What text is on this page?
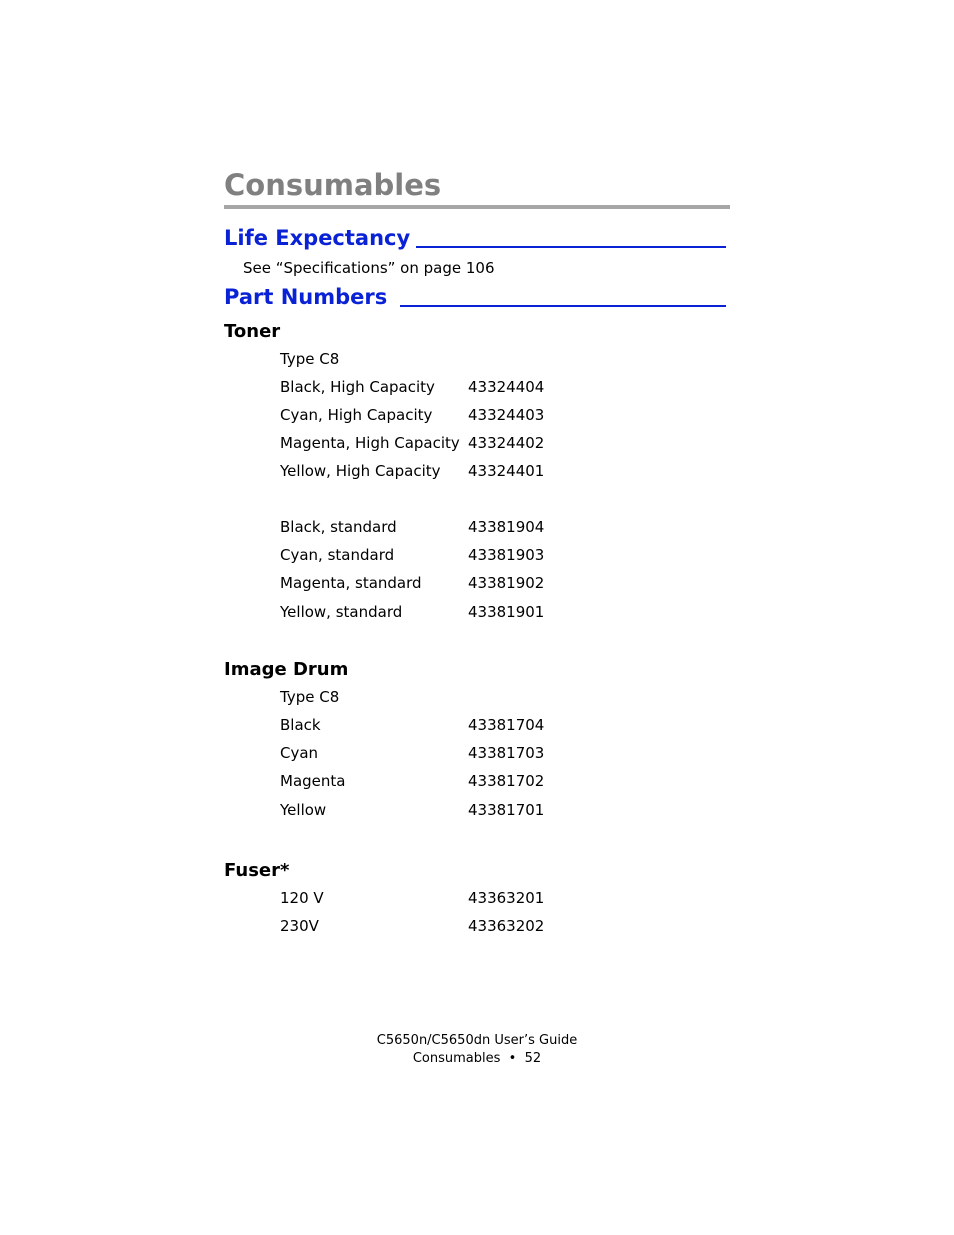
Consumables
Life Expectancy
See “Specifications” on page 106
Part Numbers
Toner
Type C8
Black, High Capacity 43324404
Cyan, High Capacity 43324403
Magenta, High Capacity 43324402
Yellow, High Capacity 43324401
Black, standard	43381904
Cyan, standard	43381903
Magenta, standard	43381902
Yellow, standard	43381901
Image Drum
Type C8
Black	43381704
Cyan	43381703
Magenta	43381702
Yellow	43381701
Fuser*
120 V	43363201
230V	43363202
C5650n/C5650dn User’s Guide
Consumables  •  52
